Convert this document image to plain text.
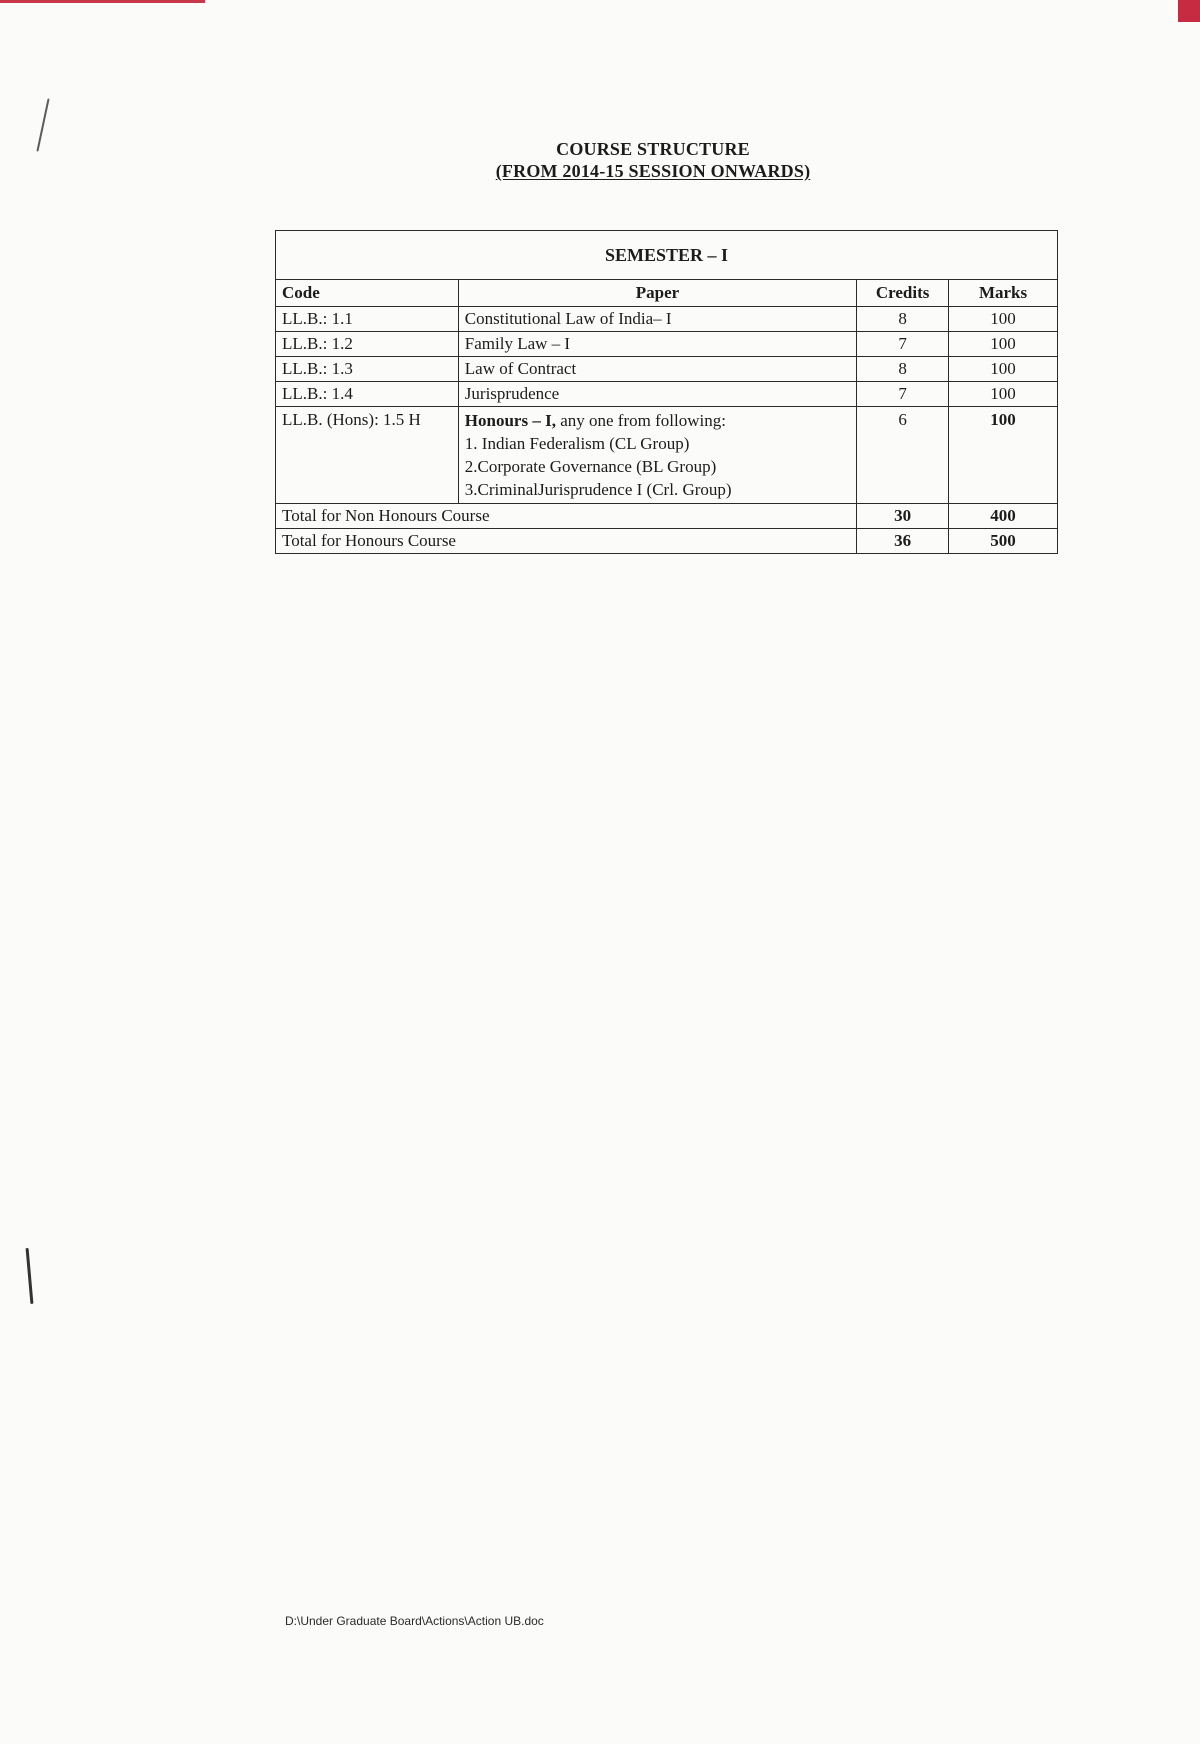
COURSE STRUCTURE
(FROM 2014-15 SESSION ONWARDS)
SEMESTER – I			
Code	Paper	Credits	Marks
LL.B.: 1.1	Constitutional Law of India– I	8	100
LL.B.: 1.2	Family Law – I	7	100
LL.B.: 1.3	Law of Contract	8	100
LL.B.: 1.4	Jurisprudence	7	100
LL.B. (Hons): 1.5 H	Honours – I, any one from following:
1. Indian Federalism (CL Group)
2.Corporate Governance (BL Group)
3.CriminalJurisprudence I (Crl. Group)	6	100
Total for Non Honours Course		30	400
Total for Honours Course		36	500
D:\Under Graduate Board\Actions\Action UB.doc
